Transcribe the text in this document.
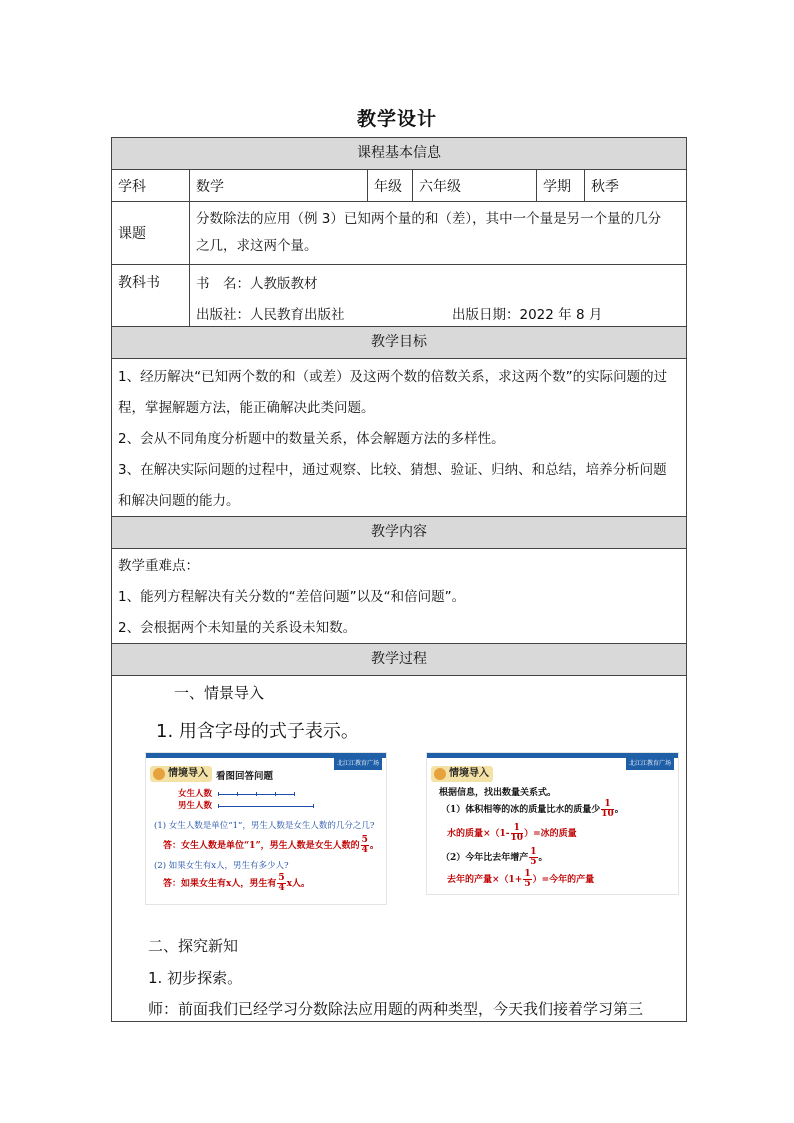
教学设计
课程基本信息
学科	数学	年级	六年级	学期	秋季
课题
分数除法的应用（例 3）已知两个量的和（差），其中一个量是另一个量的几分
之几，求这两个量。
教科书	书　名：人教版教材
出版社：人民教育出版社	出版日期：2022 年 8 月
教学目标
1、经历解决“已知两个数的和（或差）及这两个数的倍数关系，求这两个数”的实际问题的过程，掌握解题方法，能正确解决此类问题。
2、会从不同角度分析题中的数量关系，体会解题方法的多样性。
3、在解决实际问题的过程中，通过观察、比较、猜想、验证、归纳、和总结，培养分析问题和解决问题的能力。
教学内容
教学重难点：
1、能列方程解决有关分数的“差倍问题”以及“和倍问题”。
2、会根据两个未知量的关系设未知数。
教学过程
一、情景导入
1. 用含字母的式子表示。
北江江教育广场
情境导入 看图回答问题
女生人数
男生人数
(1) 女生人数是单位“1”，男生人数是女生人数的几分之几?
答：女生人数是单位“1”，男生人数是女生人数的 $\frac{5}{4}$ 。
(2) 如果女生有x人，男生有多少人?
答：如果女生有x人，男生有 $\frac{5}{4}$ x人。
北江江教育广场
情境导入
根据信息，找出数量关系式。
（1）体积相等的冰的质量比水的质量少 $\frac{1}{10}$ 。
水的质量$\times(1- \frac{1}{10}$ ）=冰的质量
（2）今年比去年增产 $\frac{1}{5}$ 。
去年的产量$\times(1+ \frac{1}{5}$ ）=今年的产量
二、探究新知
1. 初步探索。
师：前面我们已经学习分数除法应用题的两种类型，今天我们接着学习第三
